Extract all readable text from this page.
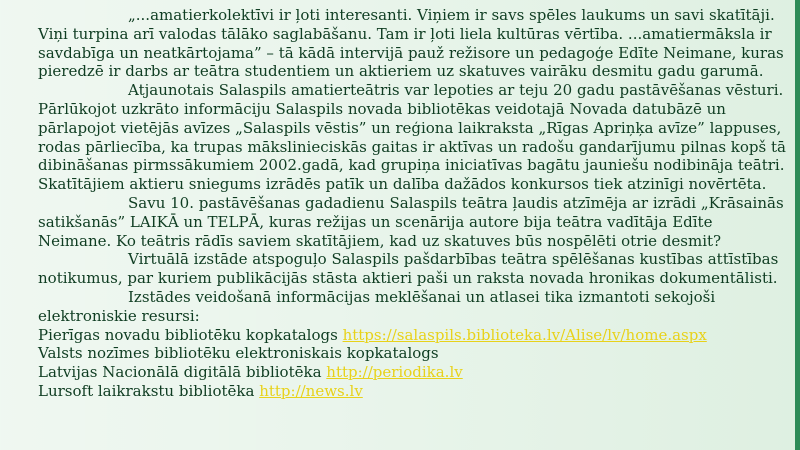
„...amatierkolektīvi ir ļoti interesanti. Viņiem ir savs spēles laukums un savi skatītāji. Viņi turpina arī valodas tālāko saglabāšanu. Tam ir ļoti liela kultūras vērtība. ...amatiermāksla ir savdabīga un neatkārtojama” – tā kādā intervijā pauž režisore un pedagoģe Edīte Neimane, kuras pieredzē ir darbs ar teātra studentiem un aktieriem uz skatuves vairāku desmitu gadu garumā.

Atjaunotais Salaspils amatierteātris var lepoties ar teju 20 gadu pastāvēšanas vēsturi. Pārlūkojot uzkrāto informāciju Salaspils novada bibliotēkas veidotajā Novada datubāzē un pārlapojot vietējās avīzes „Salaspils vēstis” un reģiona laikraksta „Rīgas Apriņķa avīze” lappuses, rodas pārliecība, ka trupas mākslinieciskās gaitas ir aktīvas un radošu gandarījumu pilnas kopš tā dibināšanas pirmssākumiem 2002.gadā, kad grupiņa iniciatīvas bagātu jauniešu nodibināja teātri. Skatītājiem aktieru sniegums izrādēs patīk un dalība dažādos konkursos tiek atzinīgi novērtēta.

Savu 10. pastāvēšanas gadadienu Salaspils teātra ļaudis atzīmēja ar izrādi „Krāsainās satikšanās” LAIKĀ un TELPĀ, kuras režijas un scenārija autore bija teātra vadītāja Edīte Neimane. Ko teātris rādīs saviem skatītājiem, kad uz skatuves būs nospēlēti otrie desmit?

Virtuālā izstāde atspoguļo Salaspils pašdarbības teātra spēlēšanas kustības attīstības notikumus, par kuriem publikācijās stāsta aktieri paši un raksta novada hronikas dokumentālisti.

Izstādes veidošanā informācijas meklēšanai un atlasei tika izmantoti sekojoši elektroniskie resursi:

Pierīgas novadu bibliotēku kopkatalogs https://salaspils.biblioteka.lv/Alise/lv/home.aspx
Valsts nozīmes bibliotēku elektroniskais kopkatalogs
Latvijas Nacionālā digitālā bibliotēka http://periodika.lv
Lursoft laikrakstu bibliotēka http://news.lv
